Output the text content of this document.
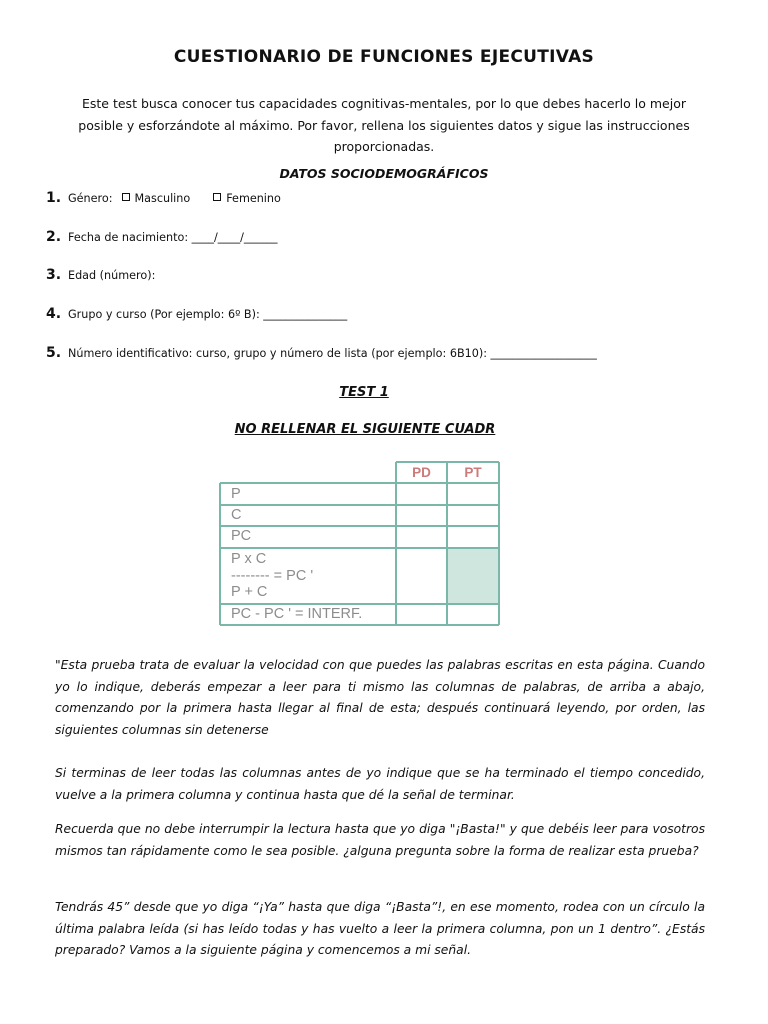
CUESTIONARIO DE FUNCIONES EJECUTIVAS
Este test busca conocer tus capacidades cognitivas-mentales, por lo que debes hacerlo lo mejor posible y esforzándote al máximo. Por favor, rellena los siguientes datos y sigue las instrucciones proporcionadas.
DATOS SOCIODEMOGRÁFICOS
1. Género: Masculino	Femenino
2. Fecha de nacimiento: ____/____/______
3. Edad (número):
4. Grupo y curso (Por ejemplo: 6º B): _______________
5. Número identificativo: curso, grupo y número de lista (por ejemplo: 6B10): ___________________
TEST 1
NO RELLENAR EL SIGUIENTE CUADR
PD	PT
P
C
PC
P x C
-------- = PC '
P + C
PC - PC ' = INTERF.
"Esta prueba trata de evaluar la velocidad con que puedes las palabras escritas en esta página. Cuando yo lo indique, deberás empezar a leer para ti mismo las columnas de palabras, de arriba a abajo, comenzando por la primera hasta llegar al final de esta; después continuará leyendo, por orden, las siguientes columnas sin detenerse
Si terminas de leer todas las columnas antes de yo indique que se ha terminado el tiempo concedido, vuelve a la primera columna y continua hasta que dé la señal de terminar.
Recuerda que no debe interrumpir la lectura hasta que yo diga "¡Basta!" y que debéis leer para vosotros mismos tan rápidamente como le sea posible. ¿alguna pregunta sobre la forma de realizar esta prueba?
Tendrás 45” desde que yo diga “¡Ya” hasta que diga “¡Basta”!, en ese momento, rodea con un círculo la última palabra leída (si has leído todas y has vuelto a leer la primera columna, pon un 1 dentro”. ¿Estás preparado? Vamos a la siguiente página y comencemos a mi señal.
